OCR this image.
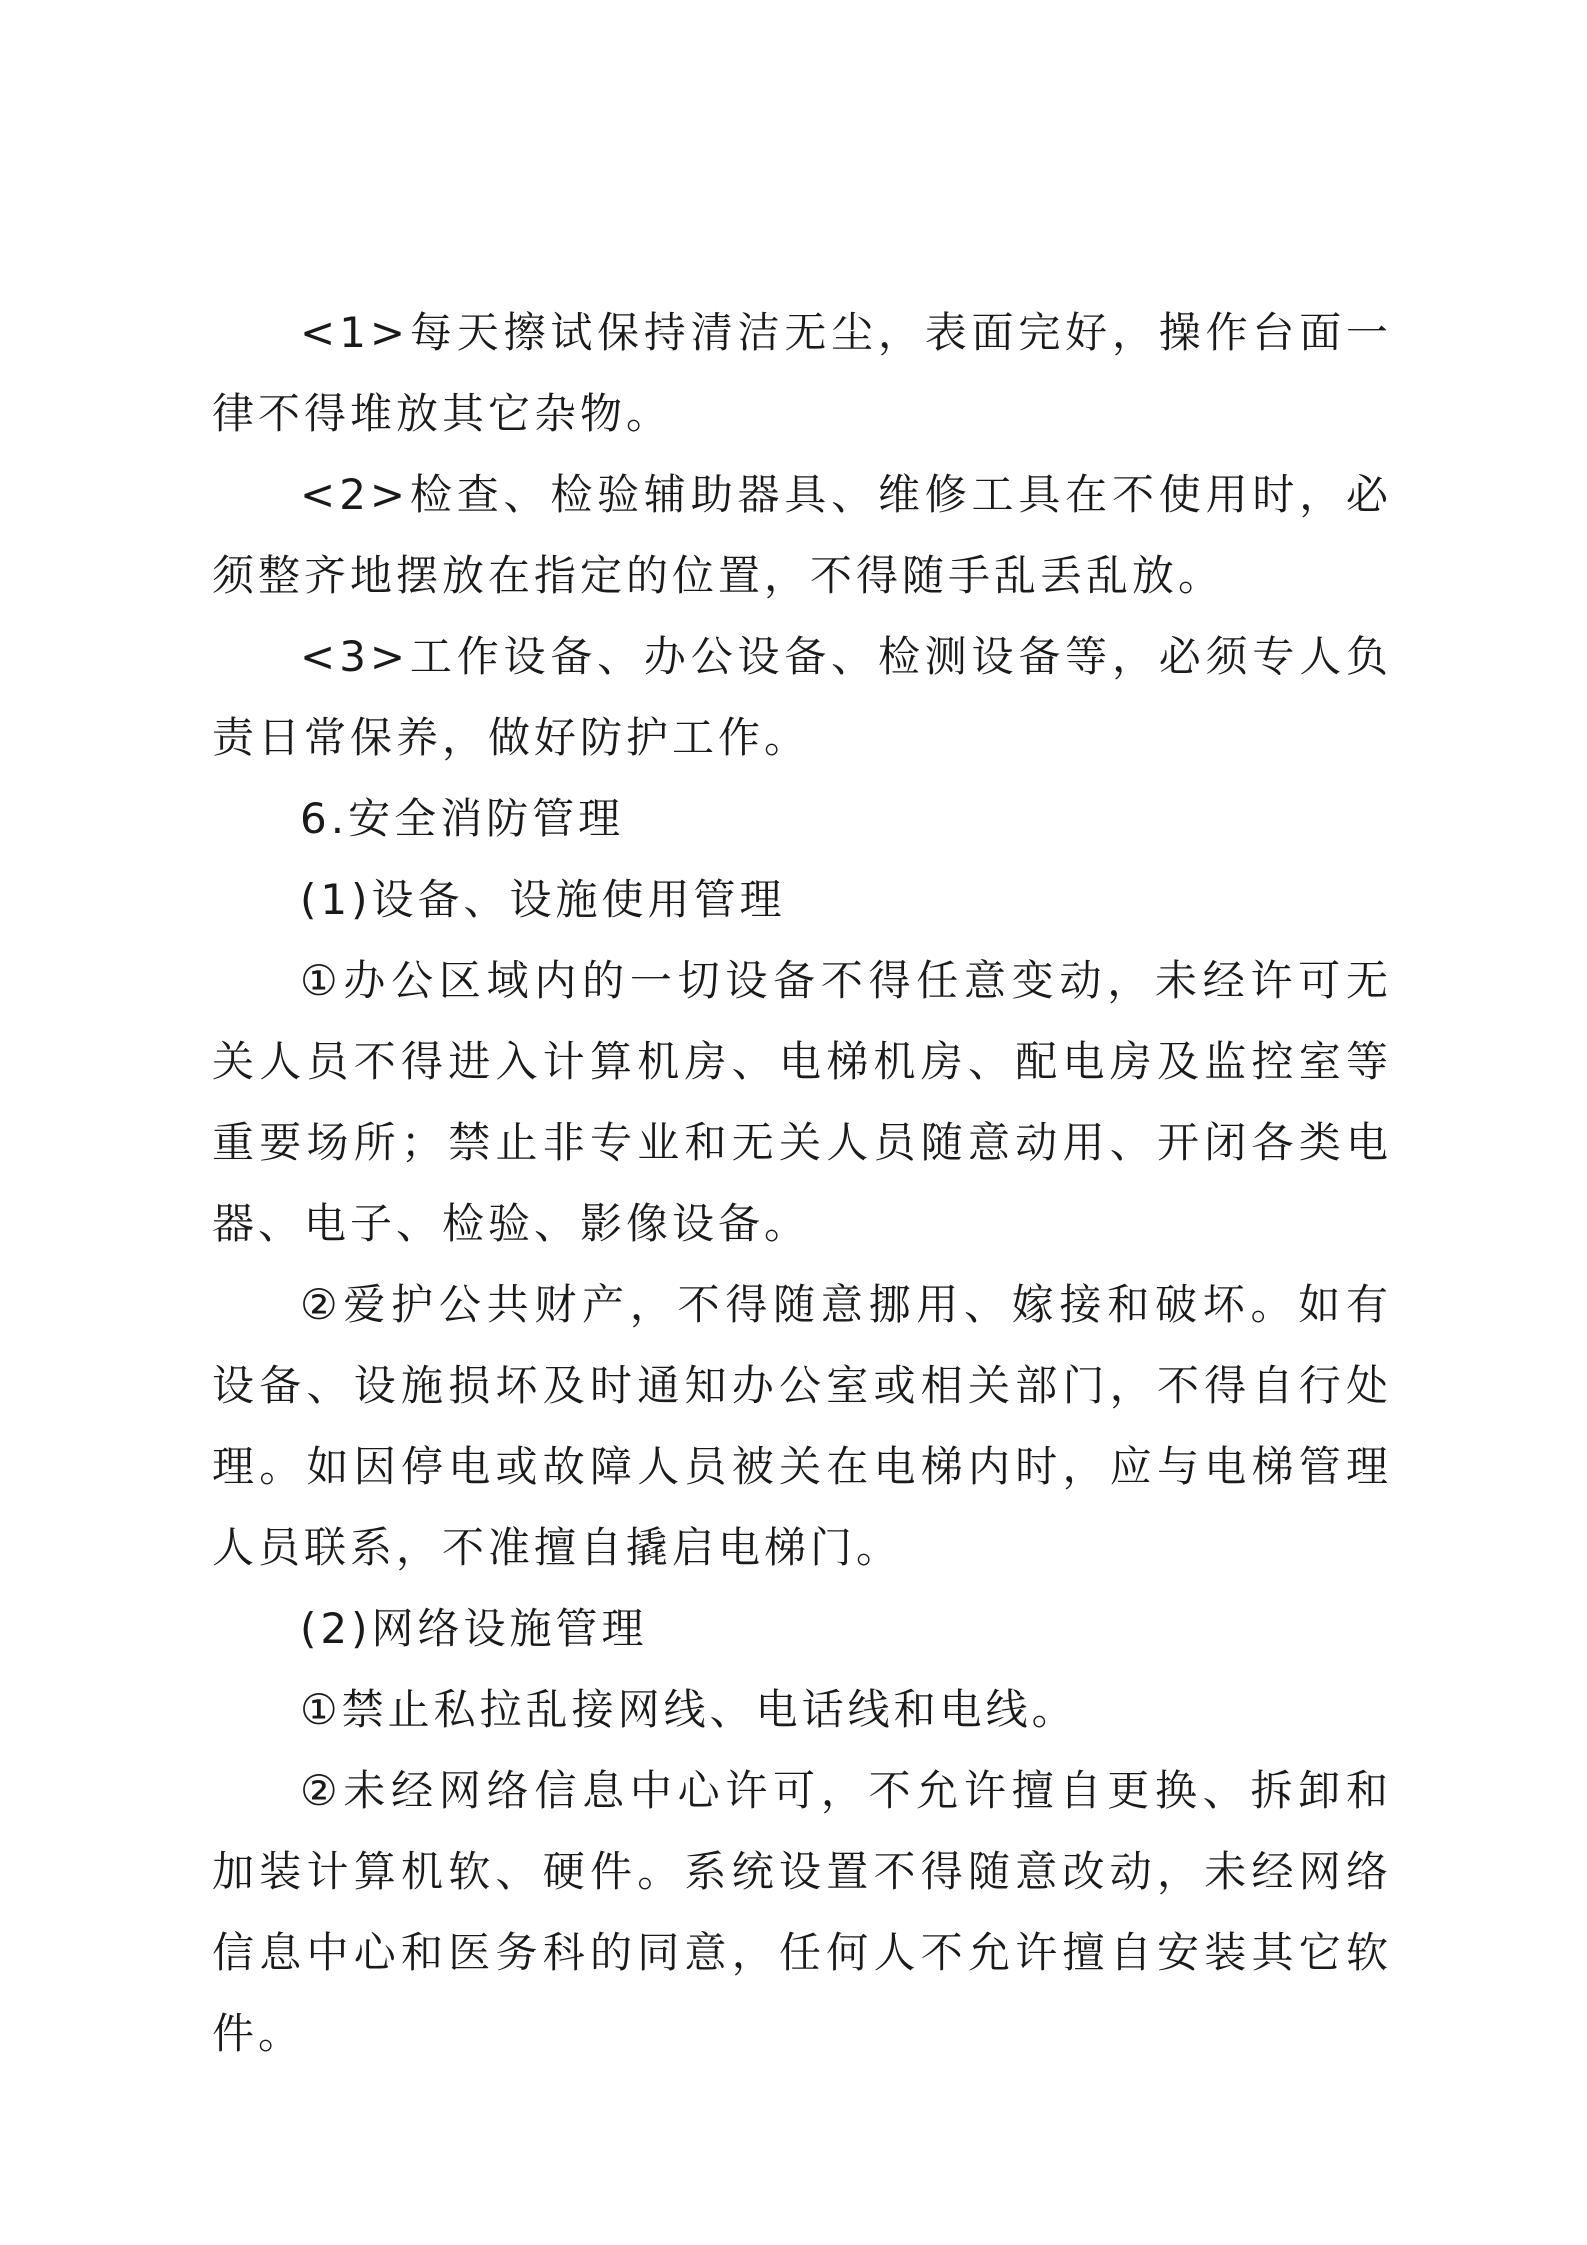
<1>每天擦试保持清洁无尘，表面完好，操作台面一律不得堆放其它杂物。

<2>检查、检验辅助器具、维修工具在不使用时，必须整齐地摆放在指定的位置，不得随手乱丢乱放。

<3>工作设备、办公设备、检测设备等，必须专人负责日常保养，做好防护工作。

6.安全消防管理

(1)设备、设施使用管理

①办公区域内的一切设备不得任意变动，未经许可无关人员不得进入计算机房、电梯机房、配电房及监控室等重要场所；禁止非专业和无关人员随意动用、开闭各类电器、电子、检验、影像设备。

②爱护公共财产，不得随意挪用、嫁接和破坏。如有设备、设施损坏及时通知办公室或相关部门，不得自行处理。如因停电或故障人员被关在电梯内时，应与电梯管理人员联系，不准擅自撬启电梯门。

(2)网络设施管理

①禁止私拉乱接网线、电话线和电线。

②未经网络信息中心许可，不允许擅自更换、拆卸和加装计算机软、硬件。系统设置不得随意改动，未经网络信息中心和医务科的同意，任何人不允许擅自安装其它软件。
